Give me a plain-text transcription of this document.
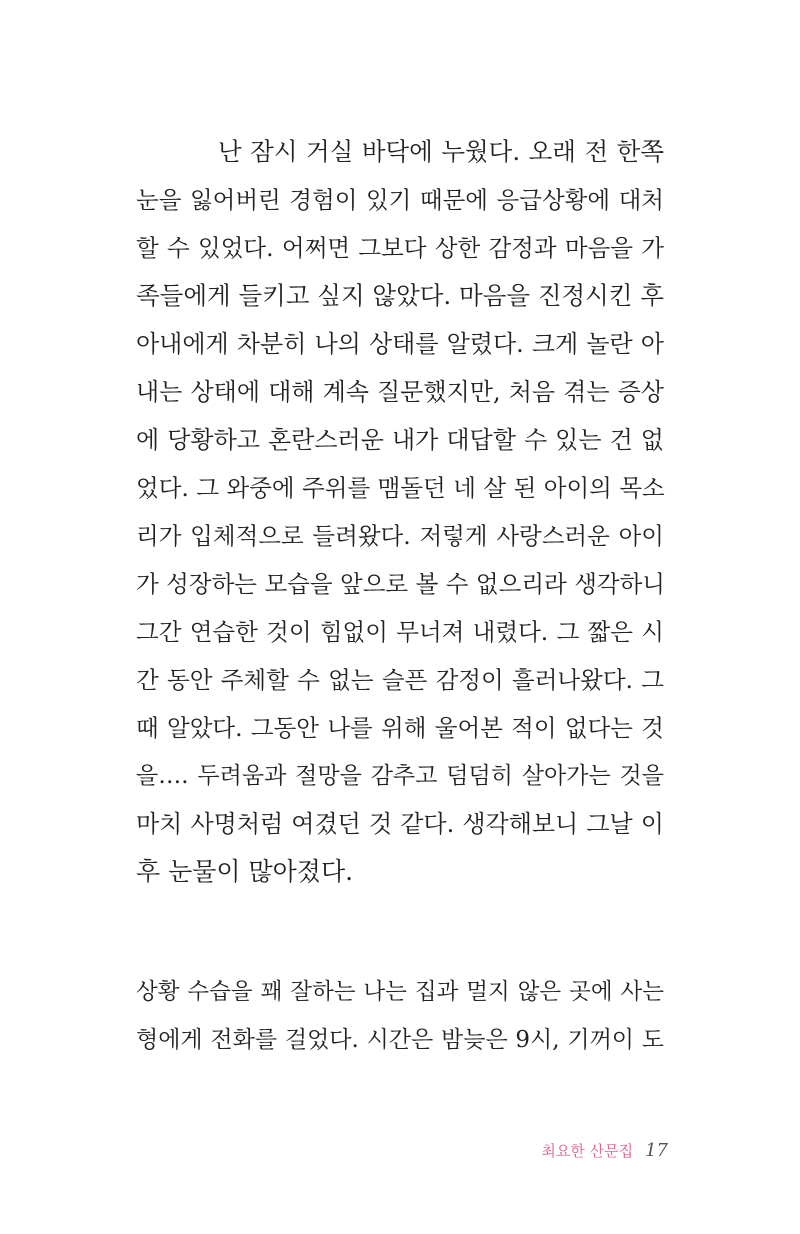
난 잠시 거실 바닥에 누웠다. 오래 전 한쪽
눈을 잃어버린 경험이 있기 때문에 응급상황에 대처
할 수 있었다. 어쩌면 그보다 상한 감정과 마음을 가
족들에게 들키고 싶지 않았다. 마음을 진정시킨 후
아내에게 차분히 나의 상태를 알렸다. 크게 놀란 아
내는 상태에 대해 계속 질문했지만, 처음 겪는 증상
에 당황하고 혼란스러운 내가 대답할 수 있는 건 없
었다. 그 와중에 주위를 맴돌던 네 살 된 아이의 목소
리가 입체적으로 들려왔다. 저렇게 사랑스러운 아이
가 성장하는 모습을 앞으로 볼 수 없으리라 생각하니
그간 연습한 것이 힘없이 무너져 내렸다. 그 짧은 시
간 동안 주체할 수 없는 슬픈 감정이 흘러나왔다. 그
때 알았다. 그동안 나를 위해 울어본 적이 없다는 것
을…. 두려움과 절망을 감추고 덤덤히 살아가는 것을
마치 사명처럼 여겼던 것 같다. 생각해보니 그날 이
후 눈물이 많아졌다.
상황 수습을 꽤 잘하는 나는 집과 멀지 않은 곳에 사는
형에게 전화를 걸었다. 시간은 밤늦은 9시, 기꺼이 도
최요한 산문집 17
